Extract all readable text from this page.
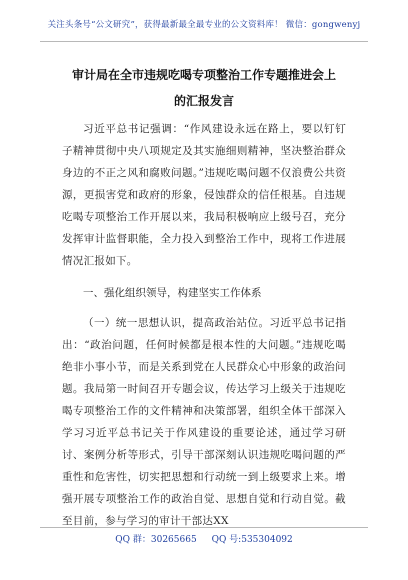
关注头条号“公文研究”，获得最新最全最专业的公文资料库！ 微信：gongwenyj
审计局在全市违规吃喝专项整治工作专题推进会上的汇报发言

习近平总书记强调：“作风建设永远在路上，要以钉钉子精神贯彻中央八项规定及其实施细则精神，坚决整治群众身边的不正之风和腐败问题。”违规吃喝问题不仅浪费公共资源，更损害党和政府的形象，侵蚀群众的信任根基。自违规吃喝专项整治工作开展以来，我局积极响应上级号召，充分发挥审计监督职能，全力投入到整治工作中，现将工作进展情况汇报如下。

一、强化组织领导，构建坚实工作体系

（一）统一思想认识，提高政治站位。习近平总书记指出：“政治问题，任何时候都是根本性的大问题。”违规吃喝绝非小事小节，而是关系到党在人民群众心中形象的政治问题。我局第一时间召开专题会议，传达学习上级关于违规吃喝专项整治工作的文件精神和决策部署，组织全体干部深入学习习近平总书记关于作风建设的重要论述，通过学习研讨、案例分析等形式，引导干部深刻认识违规吃喝问题的严重性和危害性，切实把思想和行动统一到上级要求上来。增强开展专项整治工作的政治自觉、思想自觉和行动自觉。截至目前，参与学习的审计干部达XX

QQ 群：30265665 QQ 号:535304092
